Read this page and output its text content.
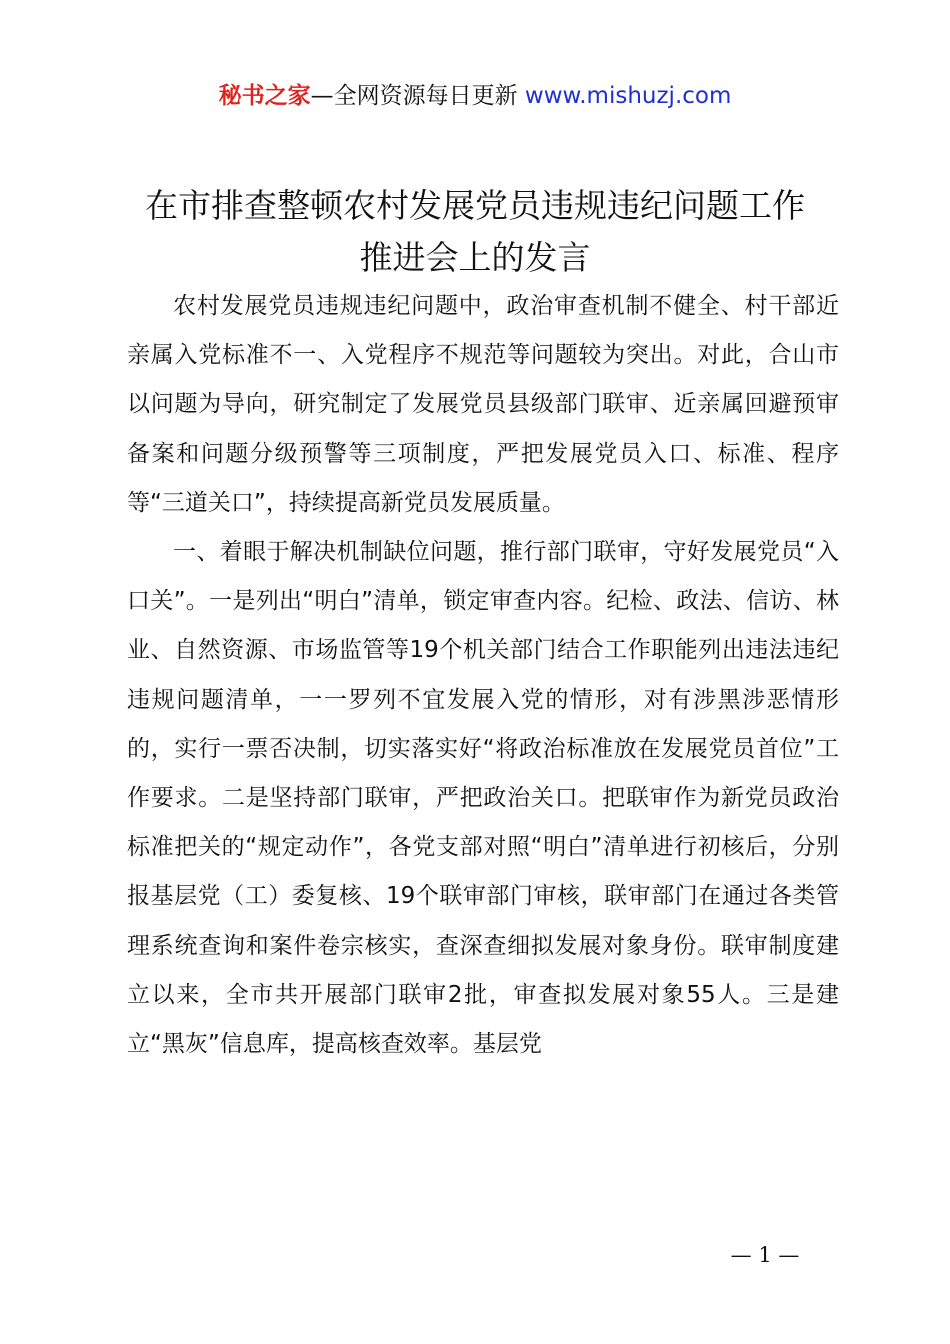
秘书之家—全网资源每日更新 www.mishuzj.com
在市排查整顿农村发展党员违规违纪问题工作
推进会上的发言

农村发展党员违规违纪问题中，政治审查机制不健全、村干部近亲属入党标准不一、入党程序不规范等问题较为突出。对此，合山市以问题为导向，研究制定了发展党员县级部门联审、近亲属回避预审备案和问题分级预警等三项制度，严把发展党员入口、标准、程序等“三道关口”，持续提高新党员发展质量。

一、着眼于解决机制缺位问题，推行部门联审，守好发展党员“入口关”。一是列出“明白”清单，锁定审查内容。纪检、政法、信访、林业、自然资源、市场监管等19个机关部门结合工作职能列出违法违纪违规问题清单，一一罗列不宜发展入党的情形，对有涉黑涉恶情形的，实行一票否决制，切实落实好“将政治标准放在发展党员首位”工作要求。二是坚持部门联审，严把政治关口。把联审作为新党员政治标准把关的“规定动作”，各党支部对照“明白”清单进行初核后，分别报基层党（工）委复核、19个联审部门审核，联审部门在通过各类管理系统查询和案件卷宗核实，查深查细拟发展对象身份。联审制度建立以来，全市共开展部门联审2批，审查拟发展对象55人。三是建立“黑灰”信息库，提高核查效率。基层党

— 1 —
